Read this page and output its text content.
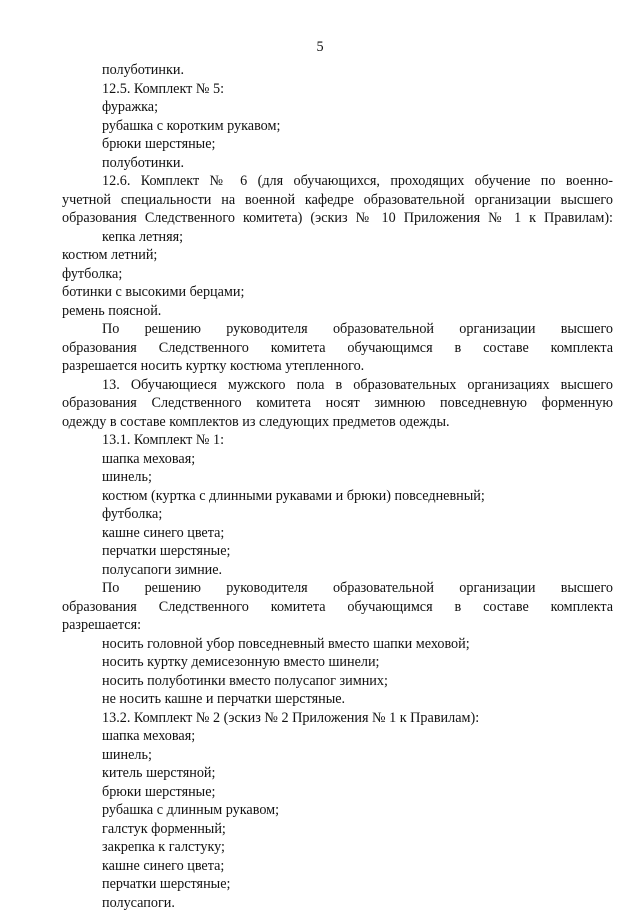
5

полуботинки.

12.5. Комплект № 5:

фуражка;

рубашка с коротким рукавом;

брюки шерстяные;

полуботинки.

12.6. Комплект № 6 (для обучающихся, проходящих обучение по военно-

учетной специальности на военной кафедре образовательной организации высшего

образования Следственного комитета) (эскиз № 10 Приложения № 1 к Правилам):

кепка летняя;

костюм летний;

футболка;

ботинки с высокими берцами;

ремень поясной.

По решению руководителя образовательной организации высшего

образования Следственного комитета обучающимся в составе комплекта

разрешается носить куртку костюма утепленного.

13. Обучающиеся мужского пола в образовательных организациях высшего

образования Следственного комитета носят зимнюю повседневную форменную

одежду в составе комплектов из следующих предметов одежды.

13.1. Комплект № 1:

шапка меховая;

шинель;

костюм (куртка с длинными рукавами и брюки) повседневный;

футболка;

кашне синего цвета;

перчатки шерстяные;

полусапоги зимние.

По решению руководителя образовательной организации высшего

образования Следственного комитета обучающимся в составе комплекта

разрешается:

носить головной убор повседневный вместо шапки меховой;

носить куртку демисезонную вместо шинели;

носить полуботинки вместо полусапог зимних;

не носить кашне и перчатки шерстяные.

13.2. Комплект № 2 (эскиз № 2 Приложения № 1 к Правилам):

шапка меховая;

шинель;

китель шерстяной;

брюки шерстяные;

рубашка с длинным рукавом;

галстук форменный;

закрепка к галстуку;

кашне синего цвета;

перчатки шерстяные;

полусапоги.
